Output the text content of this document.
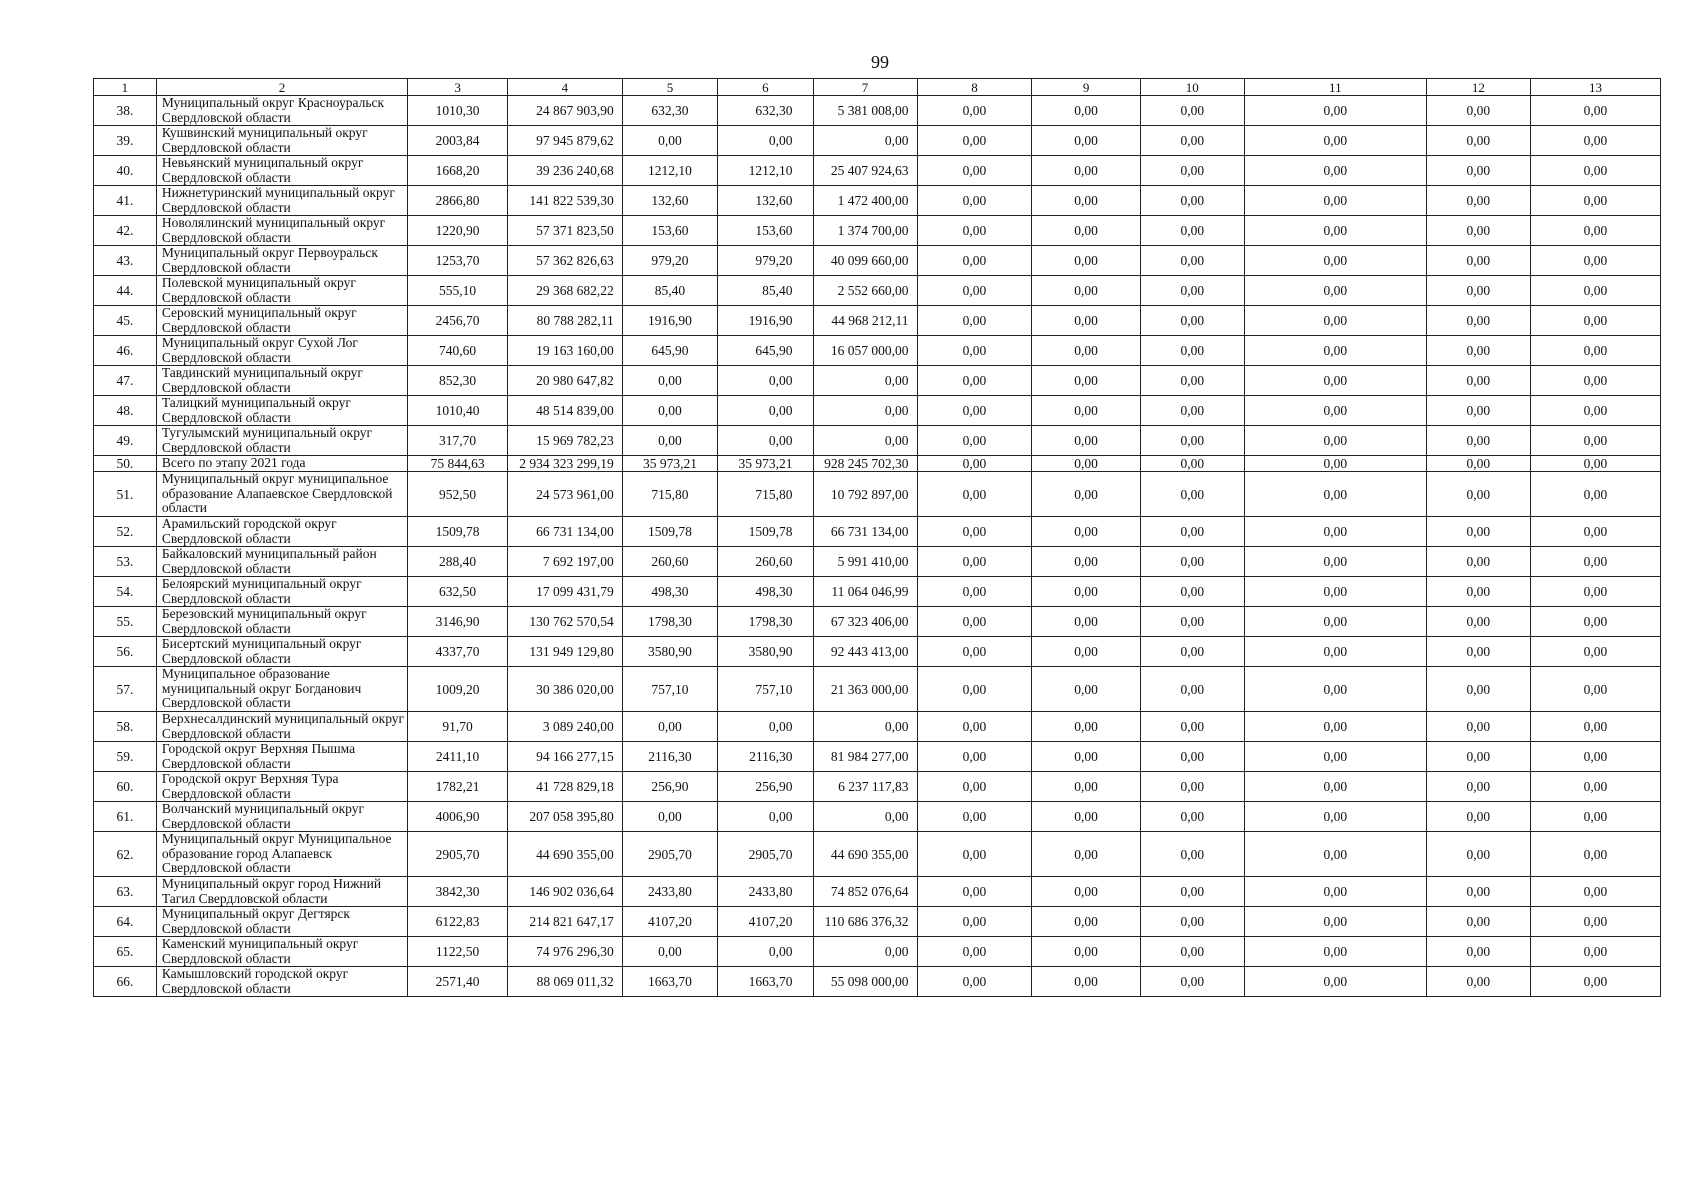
99
1	2	3	4	5	6	7	8	9	10	11	12	13
38.	Муниципальный округ Красноуральск Свердловской области	1010,30	24 867 903,90	632,30	632,30	5 381 008,00	0,00	0,00	0,00	0,00	0,00	0,00
39.	Кушвинский муниципальный округ Свердловской области	2003,84	97 945 879,62	0,00	0,00	0,00	0,00	0,00	0,00	0,00	0,00	0,00
40.	Невьянский муниципальный округ Свердловской области	1668,20	39 236 240,68	1212,10	1212,10	25 407 924,63	0,00	0,00	0,00	0,00	0,00	0,00
41.	Нижнетуринский муниципальный округ Свердловской области	2866,80	141 822 539,30	132,60	132,60	1 472 400,00	0,00	0,00	0,00	0,00	0,00	0,00
42.	Новолялинский муниципальный округ Свердловской области	1220,90	57 371 823,50	153,60	153,60	1 374 700,00	0,00	0,00	0,00	0,00	0,00	0,00
43.	Муниципальный округ Первоуральск Свердловской области	1253,70	57 362 826,63	979,20	979,20	40 099 660,00	0,00	0,00	0,00	0,00	0,00	0,00
44.	Полевской муниципальный округ Свердловской области	555,10	29 368 682,22	85,40	85,40	2 552 660,00	0,00	0,00	0,00	0,00	0,00	0,00
45.	Серовский муниципальный округ Свердловской области	2456,70	80 788 282,11	1916,90	1916,90	44 968 212,11	0,00	0,00	0,00	0,00	0,00	0,00
46.	Муниципальный округ Сухой Лог Свердловской области	740,60	19 163 160,00	645,90	645,90	16 057 000,00	0,00	0,00	0,00	0,00	0,00	0,00
47.	Тавдинский муниципальный округ Свердловской области	852,30	20 980 647,82	0,00	0,00	0,00	0,00	0,00	0,00	0,00	0,00	0,00
48.	Талицкий муниципальный округ Свердловской области	1010,40	48 514 839,00	0,00	0,00	0,00	0,00	0,00	0,00	0,00	0,00	0,00
49.	Тугулымский муниципальный округ Свердловской области	317,70	15 969 782,23	0,00	0,00	0,00	0,00	0,00	0,00	0,00	0,00	0,00
50.	Всего по этапу 2021 года	75 844,63	2 934 323 299,19	35 973,21	35 973,21	928 245 702,30	0,00	0,00	0,00	0,00	0,00	0,00
51.	Муниципальный округ муниципальное образование Алапаевское Свердловской области	952,50	24 573 961,00	715,80	715,80	10 792 897,00	0,00	0,00	0,00	0,00	0,00	0,00
52.	Арамильский городской округ Свердловской области	1509,78	66 731 134,00	1509,78	1509,78	66 731 134,00	0,00	0,00	0,00	0,00	0,00	0,00
53.	Байкаловский муниципальный район Свердловской области	288,40	7 692 197,00	260,60	260,60	5 991 410,00	0,00	0,00	0,00	0,00	0,00	0,00
54.	Белоярский муниципальный округ Свердловской области	632,50	17 099 431,79	498,30	498,30	11 064 046,99	0,00	0,00	0,00	0,00	0,00	0,00
55.	Березовский муниципальный округ Свердловской области	3146,90	130 762 570,54	1798,30	1798,30	67 323 406,00	0,00	0,00	0,00	0,00	0,00	0,00
56.	Бисертский муниципальный округ Свердловской области	4337,70	131 949 129,80	3580,90	3580,90	92 443 413,00	0,00	0,00	0,00	0,00	0,00	0,00
57.	Муниципальное образование муниципальный округ Богданович Свердловской области	1009,20	30 386 020,00	757,10	757,10	21 363 000,00	0,00	0,00	0,00	0,00	0,00	0,00
58.	Верхнесалдинский муниципальный округ Свердловской области	91,70	3 089 240,00	0,00	0,00	0,00	0,00	0,00	0,00	0,00	0,00	0,00
59.	Городской округ Верхняя Пышма Свердловской области	2411,10	94 166 277,15	2116,30	2116,30	81 984 277,00	0,00	0,00	0,00	0,00	0,00	0,00
60.	Городской округ Верхняя Тура Свердловской области	1782,21	41 728 829,18	256,90	256,90	6 237 117,83	0,00	0,00	0,00	0,00	0,00	0,00
61.	Волчанский муниципальный округ Свердловской области	4006,90	207 058 395,80	0,00	0,00	0,00	0,00	0,00	0,00	0,00	0,00	0,00
62.	Муниципальный округ Муниципальное образование город Алапаевск Свердловской области	2905,70	44 690 355,00	2905,70	2905,70	44 690 355,00	0,00	0,00	0,00	0,00	0,00	0,00
63.	Муниципальный округ город Нижний Тагил Свердловской области	3842,30	146 902 036,64	2433,80	2433,80	74 852 076,64	0,00	0,00	0,00	0,00	0,00	0,00
64.	Муниципальный округ Дегтярск Свердловской области	6122,83	214 821 647,17	4107,20	4107,20	110 686 376,32	0,00	0,00	0,00	0,00	0,00	0,00
65.	Каменский муниципальный округ Свердловской области	1122,50	74 976 296,30	0,00	0,00	0,00	0,00	0,00	0,00	0,00	0,00	0,00
66.	Камышловский городской округ Свердловской области	2571,40	88 069 011,32	1663,70	1663,70	55 098 000,00	0,00	0,00	0,00	0,00	0,00	0,00
